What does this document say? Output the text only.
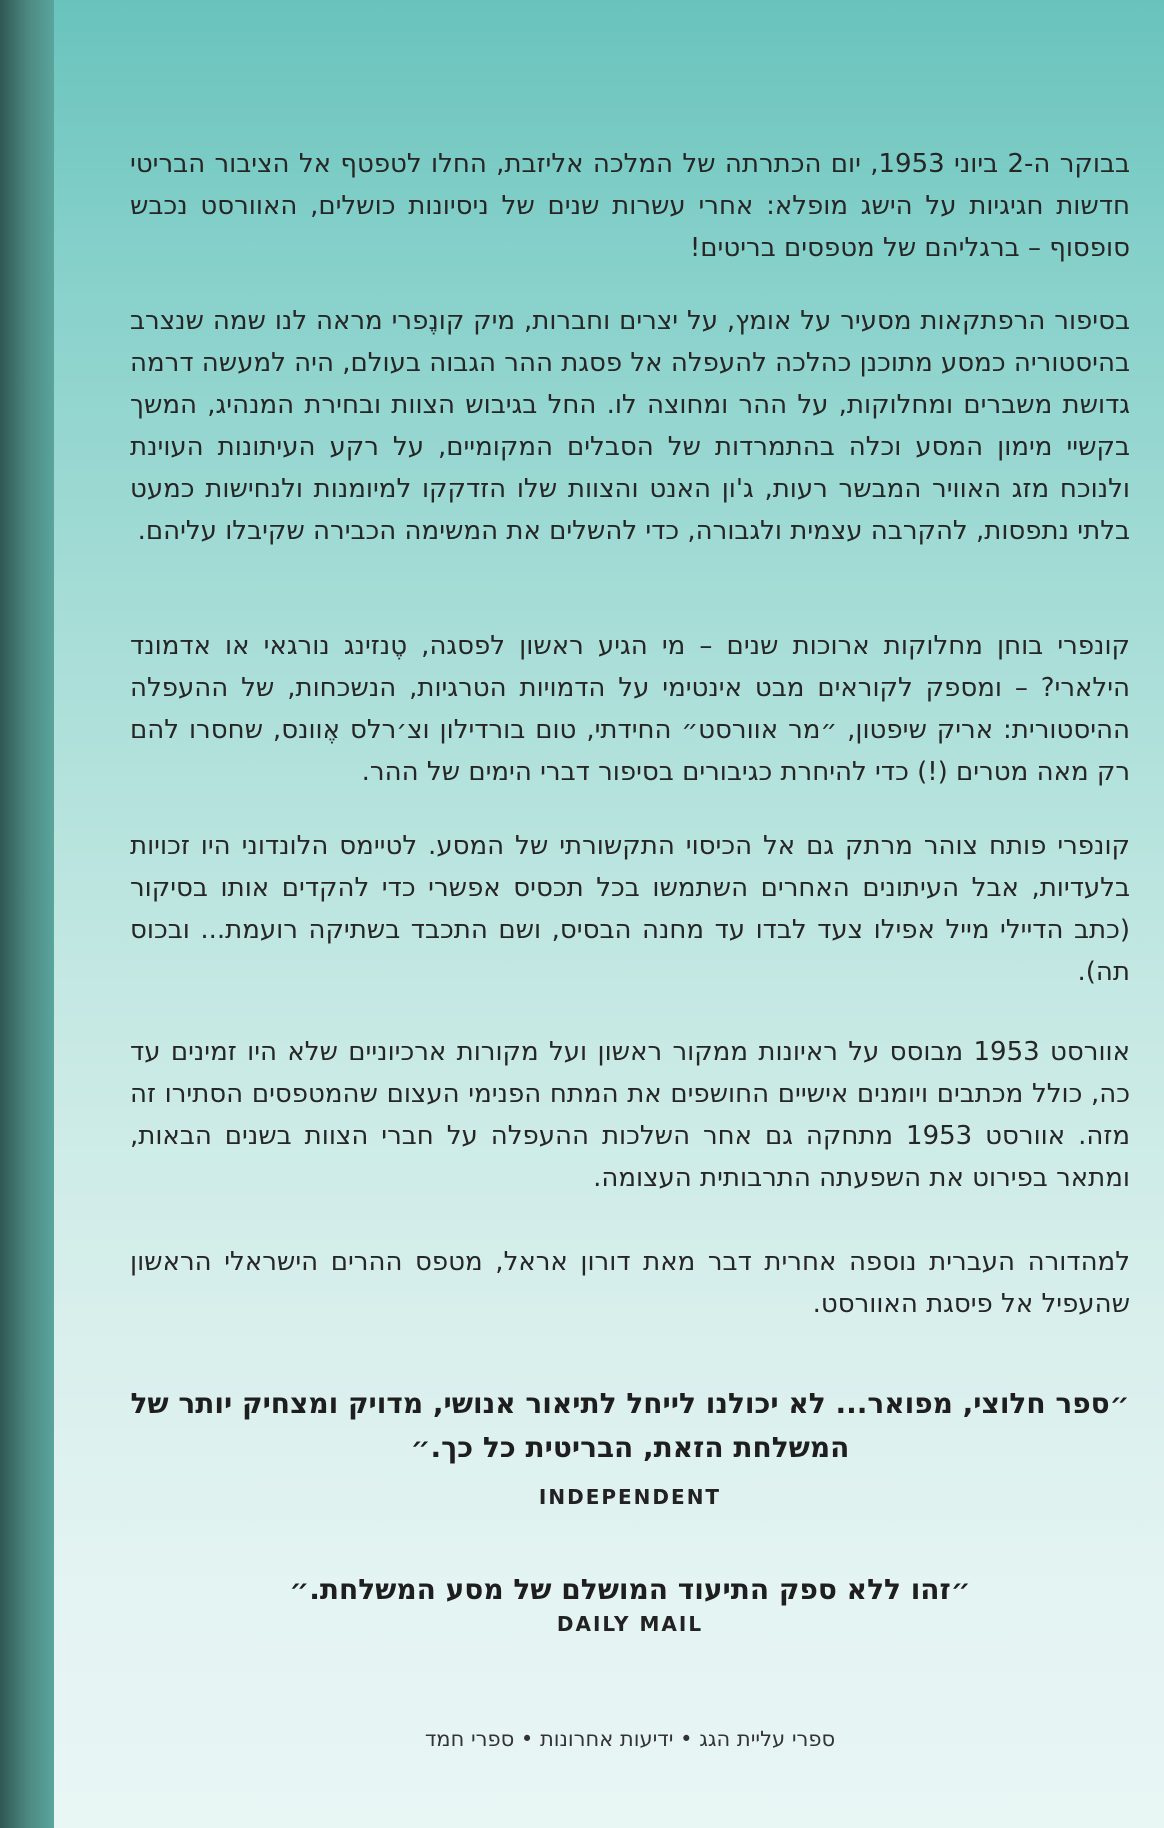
בבוקר ה-2 ביוני 1953, יום הכתרתה של המלכה אליזבת, החלו לטפטף אל הציבור הבריטי חדשות חגיגיות על הישג מופלא: אחרי עשרות שנים של ניסיונות כושלים, האוורסט נכבש סופסוף – ברגליהם של מטפסים בריטים!

בסיפור הרפתקאות מסעיר על אומץ, על יצרים וחברות, מיק קונֶפרי מראה לנו שמה שנצרב בהיסטוריה כמסע מתוכנן כהלכה להעפלה אל פסגת ההר הגבוה בעולם, היה למעשה דרמה גדושת משברים ומחלוקות, על ההר ומחוצה לו. החל בגיבוש הצוות ובחירת המנהיג, המשך בקשיי מימון המסע וכלה בהתמרדות של הסבלים המקומיים, על רקע העיתונות העוינת ולנוכח מזג האוויר המבשר רעות, ג'ון האנט והצוות שלו הזדקקו למיומנות ולנחישות כמעט בלתי נתפסות, להקרבה עצמית ולגבורה, כדי להשלים את המשימה הכבירה שקיבלו עליהם.

קונפרי בוחן מחלוקות ארוכות שנים – מי הגיע ראשון לפסגה, טֶנזינג נורגאי או אדמונד הילארי? – ומספק לקוראים מבט אינטימי על הדמויות הטרגיות, הנשכחות, של ההעפלה ההיסטורית: אריק שיפטון, ״מר אוורסט״ החידתי, טום בורדילון וצ׳רלס אֶוונס, שחסרו להם רק מאה מטרים (!) כדי להיחרת כגיבורים בסיפור דברי הימים של ההר.

קונפרי פותח צוהר מרתק גם אל הכיסוי התקשורתי של המסע. לטיימס הלונדוני היו זכויות בלעדיות, אבל העיתונים האחרים השתמשו בכל תכסיס אפשרי כדי להקדים אותו בסיקור (כתב הדיילי מייל אפילו צעד לבדו עד מחנה הבסיס, ושם התכבד בשתיקה רועמת... ובכוס תה).

אוורסט 1953 מבוסס על ראיונות ממקור ראשון ועל מקורות ארכיוניים שלא היו זמינים עד כה, כולל מכתבים ויומנים אישיים החושפים את המתח הפנימי העצום שהמטפסים הסתירו זה מזה. אוורסט 1953 מתחקה גם אחר השלכות ההעפלה על חברי הצוות בשנים הבאות, ומתאר בפירוט את השפעתה התרבותית העצומה.

למהדורה העברית נוספה אחרית דבר מאת דורון אראל, מטפס ההרים הישראלי הראשון שהעפיל אל פיסגת האוורסט.

״ספר חלוצי, מפואר... לא יכולנו לייחל לתיאור אנושי, מדויק ומצחיק יותר של המשלחת הזאת, הבריטית כל כך.״

INDEPENDENT

״זהו ללא ספק התיעוד המושלם של מסע המשלחת.״

DAILY MAIL

ספרי עליית הגג • ידיעות אחרונות • ספרי חמד
